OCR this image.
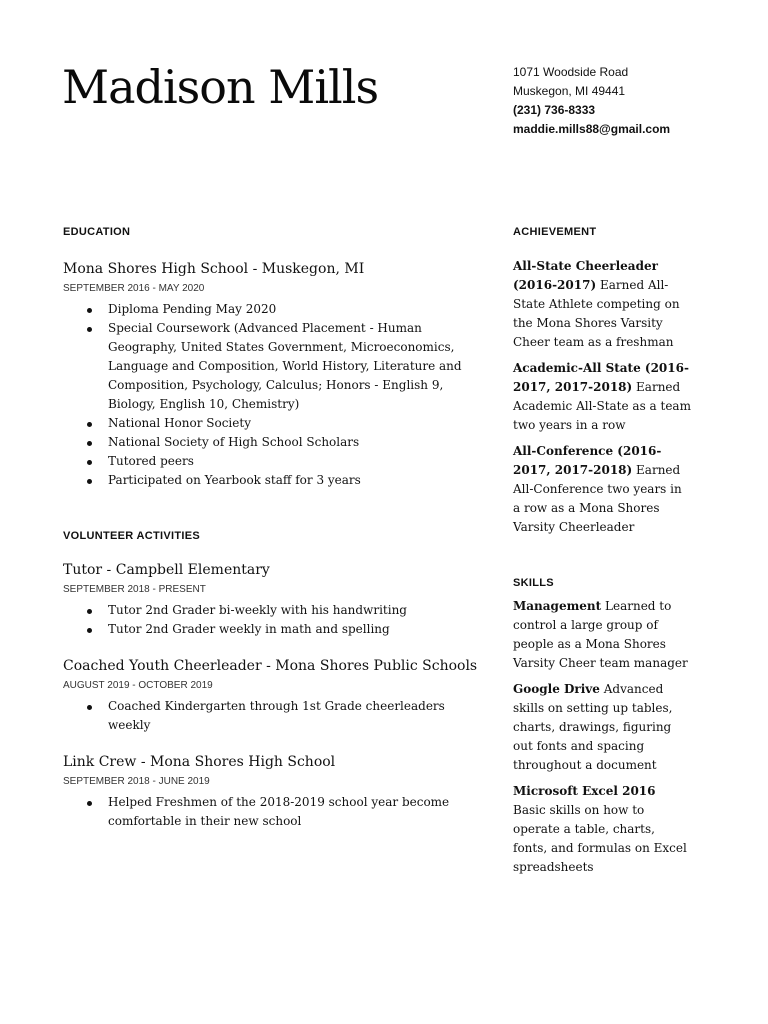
Madison Mills	1071 Woodside Road
Muskegon, MI 49441
(231) 736-8333
maddie.mills88@gmail.com
EDUCATION

Mona Shores High School - Muskegon, MI

SEPTEMBER 2016 - MAY 2020

Diploma Pending May 2020
Special Coursework (Advanced Placement - Human Geography, United States Government, Microeconomics, Language and Composition, World History, Literature and Composition, Psychology, Calculus; Honors - English 9, Biology, English 10, Chemistry)
National Honor Society
National Society of High School Scholars
Tutored peers
Participated on Yearbook staff for 3 years
VOLUNTEER ACTIVITIES

Tutor - Campbell Elementary

SEPTEMBER 2018 - PRESENT

Tutor 2nd Grader bi-weekly with his handwriting
Tutor 2nd Grader weekly in math and spelling

Coached Youth Cheerleader - Mona Shores Public Schools

AUGUST 2019 - OCTOBER 2019

Coached Kindergarten through 1st Grade cheerleaders weekly

Link Crew - Mona Shores High School

SEPTEMBER 2018 - JUNE 2019

Helped Freshmen of the 2018-2019 school year become comfortable in their new school
ACHIEVEMENT

All-State Cheerleader (2016-2017) Earned All-State Athlete competing on the Mona Shores Varsity Cheer team as a freshman

Academic-All State (2016-2017, 2017-2018) Earned Academic All-State as a team two years in a row

All-Conference (2016-2017, 2017-2018) Earned All-Conference two years in a row as a Mona Shores Varsity Cheerleader

SKILLS

Management Learned to control a large group of people as a Mona Shores Varsity Cheer team manager

Google Drive Advanced skills on setting up tables, charts, drawings, figuring out fonts and spacing throughout a document

Microsoft Excel 2016 Basic skills on how to operate a table, charts, fonts, and formulas on Excel spreadsheets
